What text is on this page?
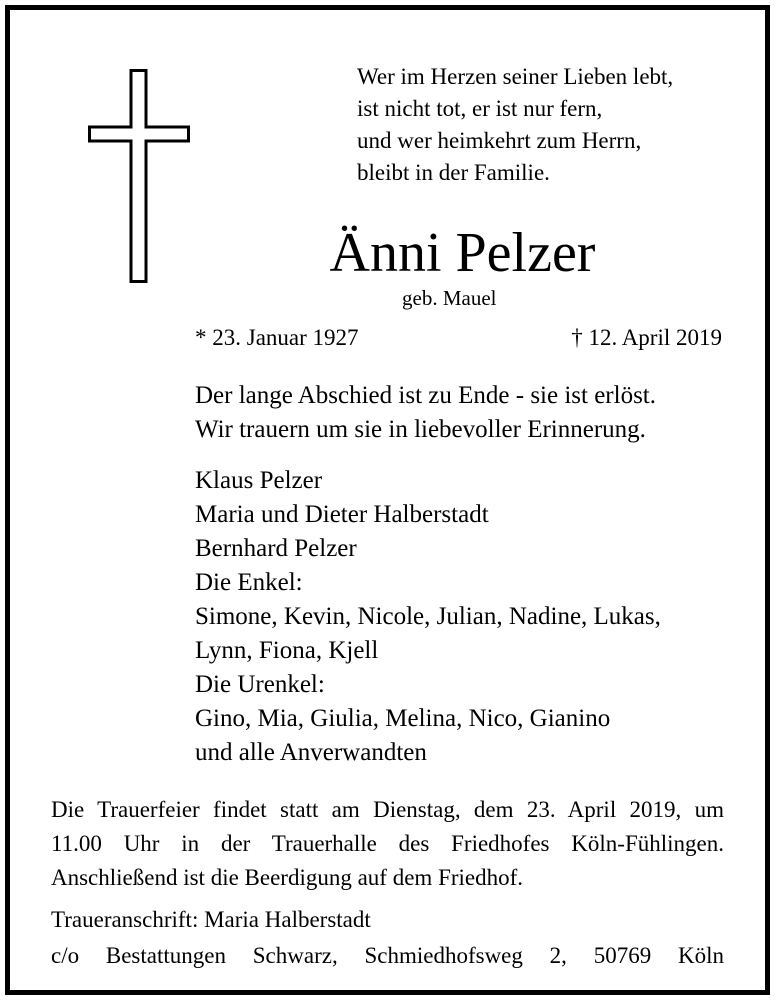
Wer im Herzen seiner Lieben lebt,
ist nicht tot, er ist nur fern,
und wer heimkehrt zum Herrn,
bleibt in der Familie.
Änni Pelzer
geb. Mauel
* 23. Januar 1927	† 12. April 2019
Der lange Abschied ist zu Ende - sie ist erlöst.
Wir trauern um sie in liebevoller Erinnerung.
Klaus Pelzer
Maria und Dieter Halberstadt
Bernhard Pelzer
Die Enkel:
Simone, Kevin, Nicole, Julian, Nadine, Lukas,
Lynn, Fiona, Kjell
Die Urenkel:
Gino, Mia, Giulia, Melina, Nico, Gianino
und alle Anverwandten
Die Trauerfeier findet statt am Dienstag, dem 23. April 2019, um
11.00 Uhr in der Trauerhalle des Friedhofes Köln-Fühlingen.
Anschließend ist die Beerdigung auf dem Friedhof.
Traueranschrift: Maria Halberstadt
c/o Bestattungen Schwarz, Schmiedhofsweg 2, 50769 Köln
